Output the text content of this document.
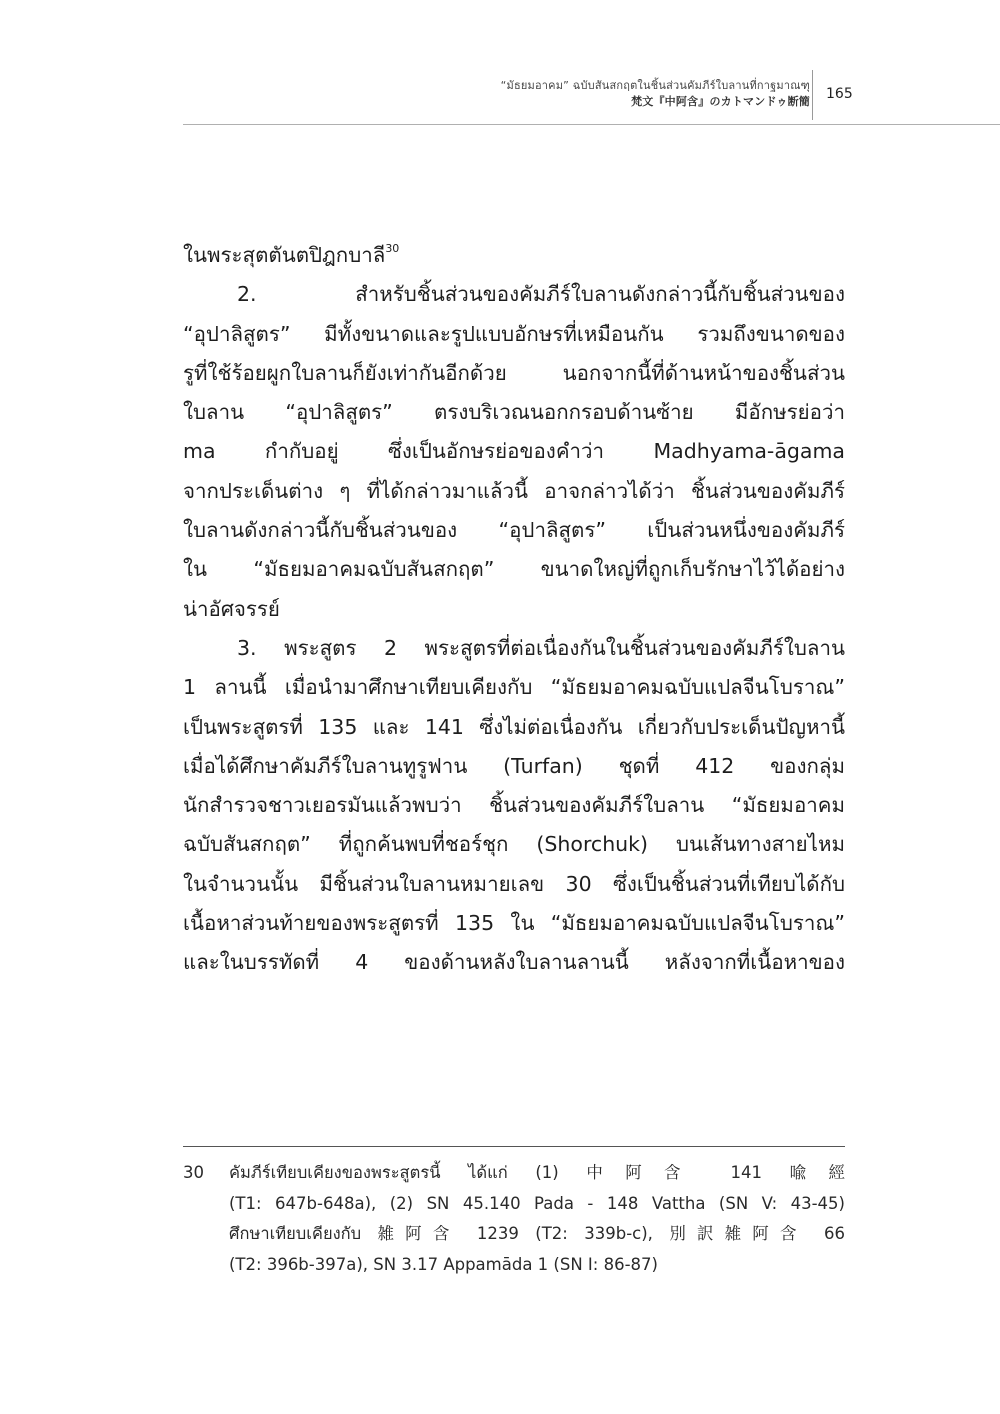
“มัธยมอาคม” ฉบับสันสกฤตในชิ้นส่วนคัมภีร์ใบลานที่กาฐมาณฑุ
梵文『中阿含』のカトマンドゥ断簡 165
ในพระสุตตันตปิฎกบาลี$^{30}$
2. สำหรับชิ้นส่วนของคัมภีร์ใบลานดังกล่าวนี้กับชิ้นส่วนของ
“อุปาลิสูตร” มีทั้งขนาดและรูปแบบอักษรที่เหมือนกัน รวมถึงขนาดของ
รูที่ใช้ร้อยผูกใบลานก็ยังเท่ากันอีกด้วย นอกจากนี้ที่ด้านหน้าของชิ้นส่วน
ใบลาน “อุปาลิสูตร” ตรงบริเวณนอกกรอบด้านซ้าย มีอักษรย่อว่า
ma กำกับอยู่ ซึ่งเป็นอักษรย่อของคำว่า Madhyama-āgama
จากประเด็นต่าง ๆ ที่ได้กล่าวมาแล้วนี้ อาจกล่าวได้ว่า ชิ้นส่วนของคัมภีร์
ใบลานดังกล่าวนี้กับชิ้นส่วนของ “อุปาลิสูตร” เป็นส่วนหนึ่งของคัมภีร์
ใน “มัธยมอาคมฉบับสันสกฤต” ขนาดใหญ่ที่ถูกเก็บรักษาไว้ได้อย่าง
น่าอัศจรรย์
3. พระสูตร 2 พระสูตรที่ต่อเนื่องกันในชิ้นส่วนของคัมภีร์ใบลาน
1 ลานนี้ เมื่อนำมาศึกษาเทียบเคียงกับ “มัธยมอาคมฉบับแปลจีนโบราณ”
เป็นพระสูตรที่ 135 และ 141 ซึ่งไม่ต่อเนื่องกัน เกี่ยวกับประเด็นปัญหานี้
เมื่อได้ศึกษาคัมภีร์ใบลานทูรูฟาน (Turfan) ชุดที่ 412 ของกลุ่ม
นักสำรวจชาวเยอรมันแล้วพบว่า ชิ้นส่วนของคัมภีร์ใบลาน “มัธยมอาคม
ฉบับสันสกฤต” ที่ถูกค้นพบที่ชอร์ชุก (Shorchuk) บนเส้นทางสายไหม
ในจำนวนนั้น มีชิ้นส่วนใบลานหมายเลข 30 ซึ่งเป็นชิ้นส่วนที่เทียบได้กับ
เนื้อหาส่วนท้ายของพระสูตรที่ 135 ใน “มัธยมอาคมฉบับแปลจีนโบราณ”
และในบรรทัดที่ 4 ของด้านหลังใบลานลานนี้ หลังจากที่เนื้อหาของ
30	คัมภีร์เทียบเคียงของพระสูตรนี้ ได้แก่ (1) 中阿含 141 喩經
(T1: 647b-648a), (2) SN 45.140 Pada - 148 Vattha (SN V: 43-45)
ศึกษาเทียบเคียงกับ 雑阿含 1239 (T2: 339b-c), 別訳雑阿含 66
(T2: 396b-397a), SN 3.17 Appamāda 1 (SN I: 86-87)
